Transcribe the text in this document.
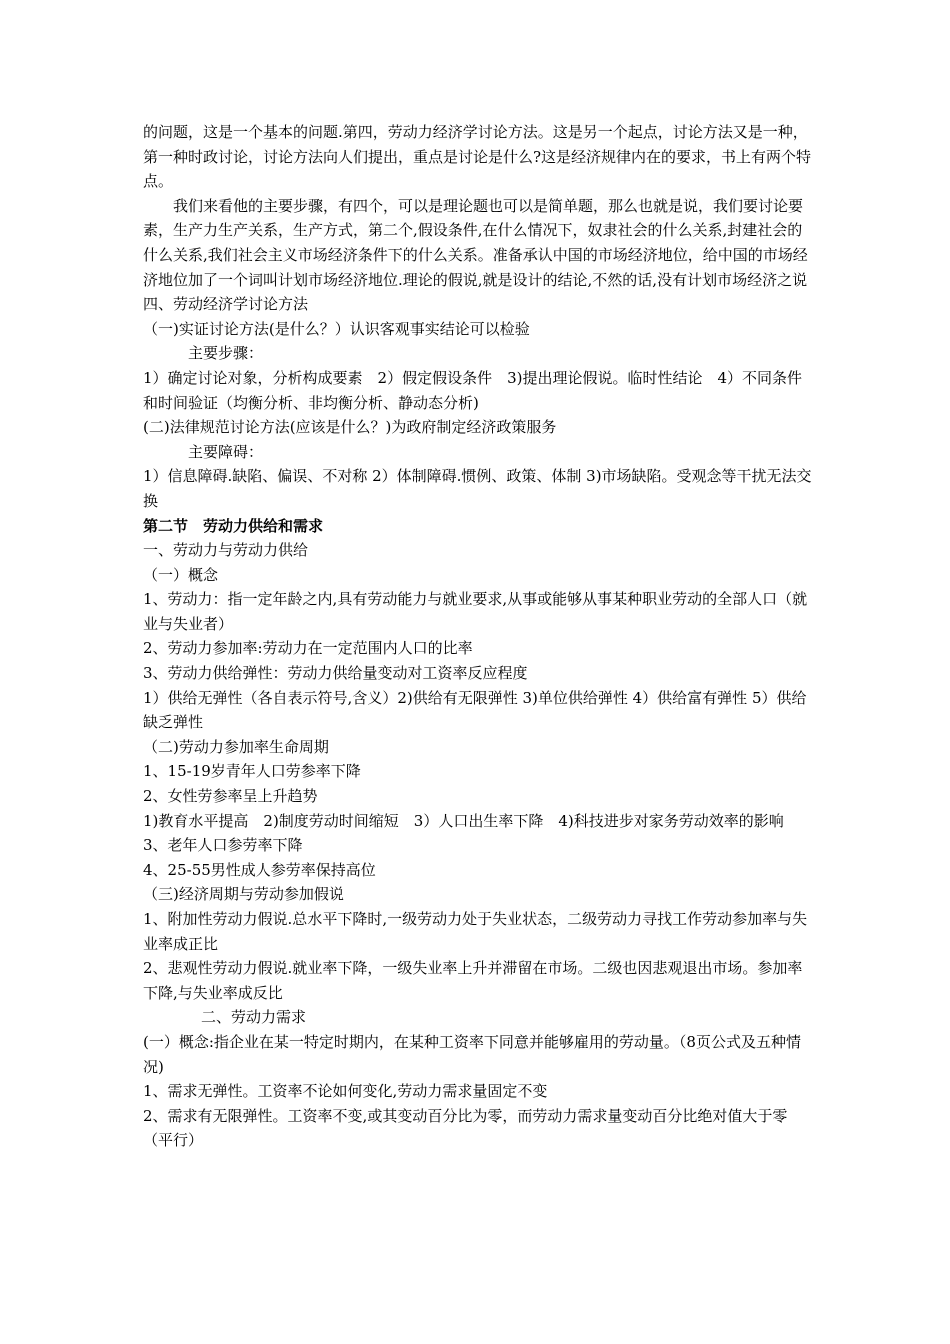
的问题，这是一个基本的问题.第四，劳动力经济学讨论方法。这是另一个起点，讨论方法又是一种，第一种时政讨论，讨论方法向人们提出，重点是讨论是什么?这是经济规律内在的要求，书上有两个特点。

我们来看他的主要步骤，有四个，可以是理论题也可以是简单题，那么也就是说，我们要讨论要素，生产力生产关系，生产方式，第二个,假设条件,在什么情况下，奴隶社会的什么关系,封建社会的什么关系,我们社会主义市场经济条件下的什么关系。准备承认中国的市场经济地位，给中国的市场经济地位加了一个词叫计划市场经济地位.理论的假说,就是设计的结论,不然的话,没有计划市场经济之说

四、劳动经济学讨论方法

（一)实证讨论方法(是什么？）认识客观事实结论可以检验

主要步骤：

1）确定讨论对象，分析构成要素　2）假定假设条件　3)提出理论假说。临时性结论　4）不同条件和时间验证（均衡分析、非均衡分析、静动态分析)

(二)法律规范讨论方法(应该是什么？)为政府制定经济政策服务

主要障碍：

1）信息障碍.缺陷、偏误、不对称 2）体制障碍.惯例、政策、体制 3)市场缺陷。受观念等干扰无法交换

第二节　劳动力供给和需求

一、劳动力与劳动力供给

（一）概念

1、劳动力：指一定年龄之内,具有劳动能力与就业要求,从事或能够从事某种职业劳动的全部人口（就业与失业者）

2、劳动力参加率:劳动力在一定范围内人口的比率

3、劳动力供给弹性：劳动力供给量变动对工资率反应程度

1）供给无弹性（各自表示符号,含义）2)供给有无限弹性 3)单位供给弹性 4）供给富有弹性 5）供给缺乏弹性

（二)劳动力参加率生命周期

1、15-19岁青年人口劳参率下降

2、女性劳参率呈上升趋势

1)教育水平提高　2)制度劳动时间缩短　3）人口出生率下降　4)科技进步对家务劳动效率的影响

3、老年人口参劳率下降

4、25-55男性成人参劳率保持高位

（三)经济周期与劳动参加假说

1、附加性劳动力假说.总水平下降时,一级劳动力处于失业状态，二级劳动力寻找工作劳动参加率与失业率成正比

2、悲观性劳动力假说.就业率下降，一级失业率上升并滞留在市场。二级也因悲观退出市场。参加率下降,与失业率成反比

二、劳动力需求

(一）概念:指企业在某一特定时期内，在某种工资率下同意并能够雇用的劳动量。（8页公式及五种情况)

1、需求无弹性。工资率不论如何变化,劳动力需求量固定不变

2、需求有无限弹性。工资率不变,或其变动百分比为零，而劳动力需求量变动百分比绝对值大于零（平行）
